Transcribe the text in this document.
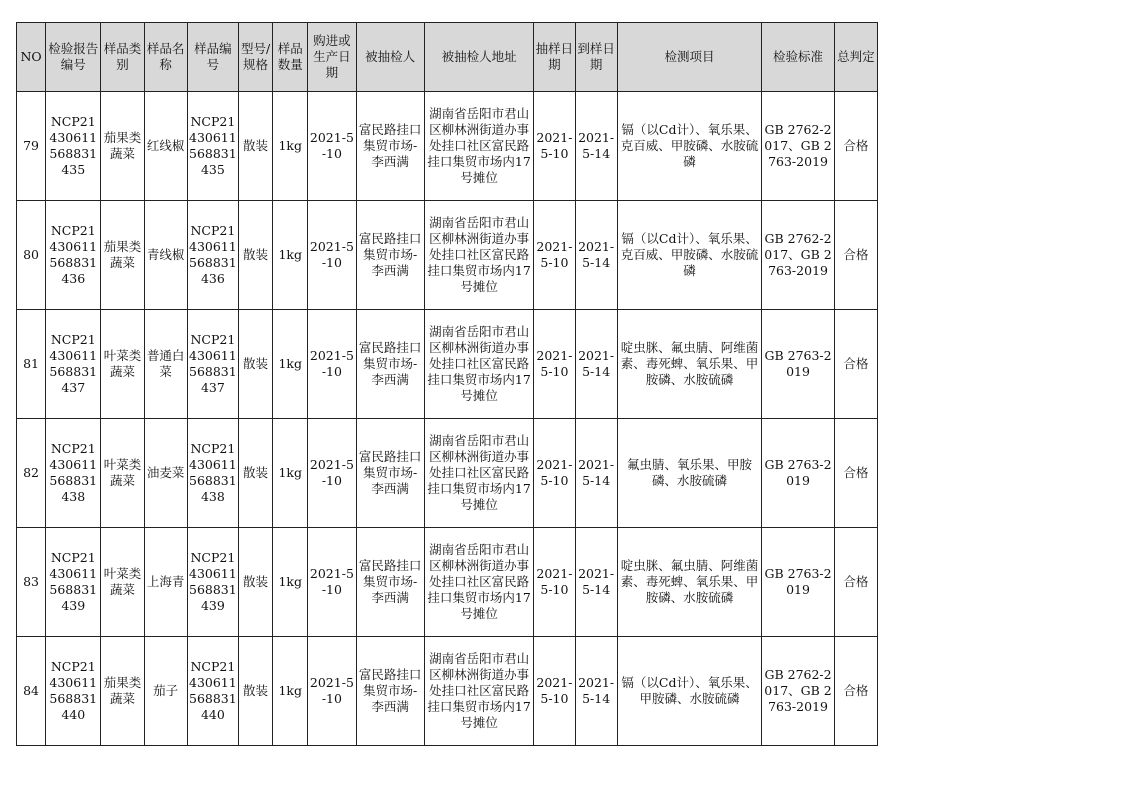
NO	检验报告编号	样品类别	样品名称	样品编号	型号/规格	样品数量	购进或生产日期	被抽检人	被抽检人地址	抽样日期	到样日期	检测项目	检验标准	总判定
79	NCP21430611568831435	茄果类蔬菜	红线椒	NCP21430611568831435	散装	1kg	2021-5-10	富民路挂口集贸市场-李西满	湖南省岳阳市君山区柳林洲街道办事处挂口社区富民路挂口集贸市场内17号摊位	2021-5-10	2021-5-14	镉（以Cd计）、氧乐果、克百威、甲胺磷、水胺硫磷	GB 2762-2017、GB 2763-2019	合格
80	NCP21430611568831436	茄果类蔬菜	青线椒	NCP21430611568831436	散装	1kg	2021-5-10	富民路挂口集贸市场-李西满	湖南省岳阳市君山区柳林洲街道办事处挂口社区富民路挂口集贸市场内17号摊位	2021-5-10	2021-5-14	镉（以Cd计）、氧乐果、克百威、甲胺磷、水胺硫磷	GB 2762-2017、GB 2763-2019	合格
81	NCP21430611568831437	叶菜类蔬菜	普通白菜	NCP21430611568831437	散装	1kg	2021-5-10	富民路挂口集贸市场-李西满	湖南省岳阳市君山区柳林洲街道办事处挂口社区富民路挂口集贸市场内17号摊位	2021-5-10	2021-5-14	啶虫脒、氟虫腈、阿维菌素、毒死蜱、氧乐果、甲胺磷、水胺硫磷	GB 2763-2019	合格
82	NCP21430611568831438	叶菜类蔬菜	油麦菜	NCP21430611568831438	散装	1kg	2021-5-10	富民路挂口集贸市场-李西满	湖南省岳阳市君山区柳林洲街道办事处挂口社区富民路挂口集贸市场内17号摊位	2021-5-10	2021-5-14	氟虫腈、氧乐果、甲胺磷、水胺硫磷	GB 2763-2019	合格
83	NCP21430611568831439	叶菜类蔬菜	上海青	NCP21430611568831439	散装	1kg	2021-5-10	富民路挂口集贸市场-李西满	湖南省岳阳市君山区柳林洲街道办事处挂口社区富民路挂口集贸市场内17号摊位	2021-5-10	2021-5-14	啶虫脒、氟虫腈、阿维菌素、毒死蜱、氧乐果、甲胺磷、水胺硫磷	GB 2763-2019	合格
84	NCP21430611568831440	茄果类蔬菜	茄子	NCP21430611568831440	散装	1kg	2021-5-10	富民路挂口集贸市场-李西满	湖南省岳阳市君山区柳林洲街道办事处挂口社区富民路挂口集贸市场内17号摊位	2021-5-10	2021-5-14	镉（以Cd计）、氧乐果、甲胺磷、水胺硫磷	GB 2762-2017、GB 2763-2019	合格
